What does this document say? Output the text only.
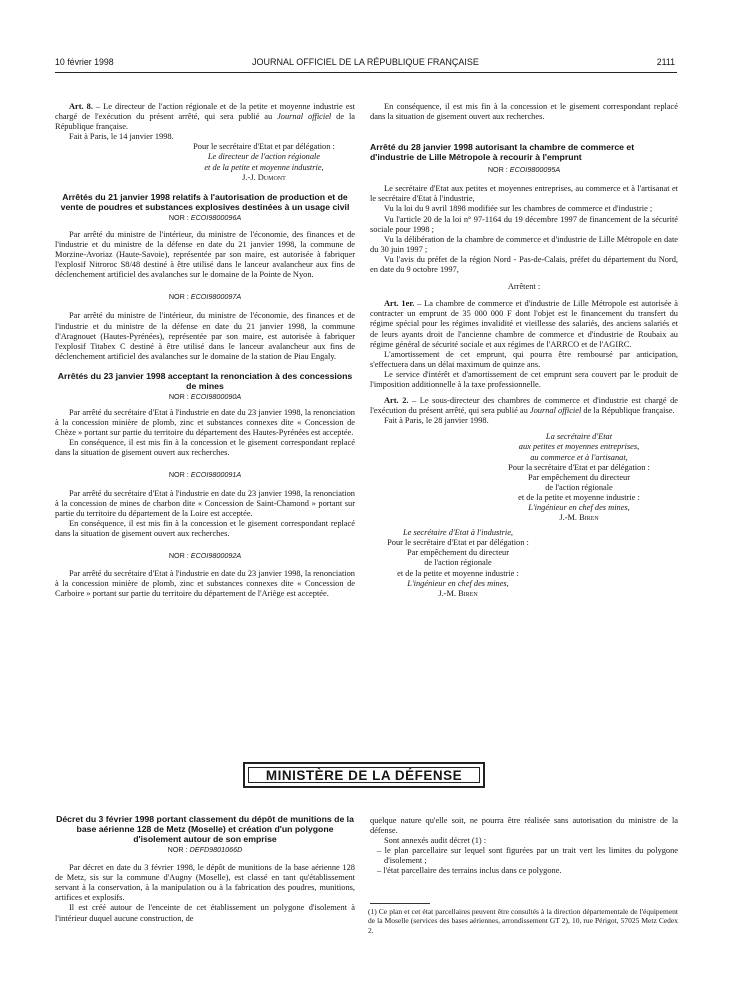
10 février 1998	JOURNAL OFFICIEL DE LA RÉPUBLIQUE FRANÇAISE	2111

Art. 8. – Le directeur de l'action régionale et de la petite et moyenne industrie est chargé de l'exécution du présent arrêté, qui sera publié au Journal officiel de la République française.

Fait à Paris, le 14 janvier 1998.

Pour le secrétaire d'Etat et par délégation :

Le directeur de l'action régionale

et de la petite et moyenne industrie,

J.-J. Dumont

Arrêtés du 21 janvier 1998 relatifs à l'autorisation de production et de vente de poudres et substances explosives destinées à un usage civil

NOR : ECOI9800096A

Par arrêté du ministre de l'intérieur, du ministre de l'économie, des finances et de l'industrie et du ministre de la défense en date du 21 janvier 1998, la commune de Morzine-Avoriaz (Haute-Savoie), représentée par son maire, est autorisée à fabriquer l'explosif Nitroroc S8/48 destiné à être utilisé dans le lanceur avalancheur aux fins de déclenchement artificiel des avalanches sur le domaine de la Pointe de Nyon.

NOR : ECOI9800097A

Par arrêté du ministre de l'intérieur, du ministre de l'économie, des finances et de l'industrie et du ministre de la défense en date du 21 janvier 1998, la commune d'Aragnouet (Hautes-Pyrénées), représentée par son maire, est autorisée à fabriquer l'explosif Titabex C destiné à être utilisé dans le lanceur avalancheur aux fins de déclenchement artificiel des avalanches sur le domaine de la station de Piau Engaly.

Arrêtés du 23 janvier 1998 acceptant la renonciation à des concessions de mines

NOR : ECOI9800090A

Par arrêté du secrétaire d'Etat à l'industrie en date du 23 janvier 1998, la renonciation à la concession minière de plomb, zinc et substances connexes dite « Concession de Chèze » portant sur partie du territoire du département des Hautes-Pyrénées est acceptée.

En conséquence, il est mis fin à la concession et le gisement correspondant replacé dans la situation de gisement ouvert aux recherches.

NOR : ECOI9800091A

Par arrêté du secrétaire d'Etat à l'industrie en date du 23 janvier 1998, la renonciation à la concession de mines de charbon dite « Concession de Saint-Chamond » portant sur partie du territoire du département de la Loire est acceptée.

En conséquence, il est mis fin à la concession et le gisement correspondant replacé dans la situation de gisement ouvert aux recherches.

NOR : ECOI9800092A

Par arrêté du secrétaire d'Etat à l'industrie en date du 23 janvier 1998, la renonciation à la concession minière de plomb, zinc et substances connexes dite « Concession de Carboire » portant sur partie du territoire du département de l'Ariège est acceptée.

En conséquence, il est mis fin à la concession et le gisement correspondant replacé dans la situation de gisement ouvert aux recherches.

Arrêté du 28 janvier 1998 autorisant la chambre de commerce et d'industrie de Lille Métropole à recourir à l'emprunt

NOR : ECOI9800095A

Le secrétaire d'Etat aux petites et moyennes entreprises, au commerce et à l'artisanat et le secrétaire d'Etat à l'industrie,

Vu la loi du 9 avril 1898 modifiée sur les chambres de commerce et d'industrie ;

Vu l'article 20 de la loi n° 97-1164 du 19 décembre 1997 de financement de la sécurité sociale pour 1998 ;

Vu la délibération de la chambre de commerce et d'industrie de Lille Métropole en date du 30 juin 1997 ;

Vu l'avis du préfet de la région Nord - Pas-de-Calais, préfet du département du Nord, en date du 9 octobre 1997,

Arrêtent :

Art. 1er. – La chambre de commerce et d'industrie de Lille Métropole est autorisée à contracter un emprunt de 35 000 000 F dont l'objet est le financement du transfert du régime spécial pour les régimes invalidité et vieillesse des salariés, des anciens salariés et de leurs ayants droit de l'ancienne chambre de commerce et d'industrie de Roubaix au régime général de sécurité sociale et aux régimes de l'ARRCO et de l'AGIRC.

L'amortissement de cet emprunt, qui pourra être remboursé par anticipation, s'effectuera dans un délai maximum de quinze ans.

Le service d'intérêt et d'amortissement de cet emprunt sera couvert par le produit de l'imposition additionnelle à la taxe professionnelle.

Art. 2. – Le sous-directeur des chambres de commerce et d'industrie est chargé de l'exécution du présent arrêté, qui sera publié au Journal officiel de la République française.

Fait à Paris, le 28 janvier 1998.

La secrétaire d'Etat

aux petites et moyennes entreprises,

au commerce et à l'artisanat,

Pour la secrétaire d'Etat et par délégation :

Par empêchement du directeur

de l'action régionale

et de la petite et moyenne industrie :

L'ingénieur en chef des mines,

J.-M. Biren

Le secrétaire d'Etat à l'industrie,

Pour le secrétaire d'Etat et par délégation :

Par empêchement du directeur

de l'action régionale

et de la petite et moyenne industrie :

L'ingénieur en chef des mines,

J.-M. Biren

MINISTÈRE DE LA DÉFENSE

Décret du 3 février 1998 portant classement du dépôt de munitions de la base aérienne 128 de Metz (Moselle) et création d'un polygone d'isolement autour de son emprise

NOR : DEFD9801066D

Par décret en date du 3 février 1998, le dépôt de munitions de la base aérienne 128 de Metz, sis sur la commune d'Augny (Moselle), est classé en tant qu'établissement servant à la conservation, à la manipulation ou à la fabrication des poudres, munitions, artifices et explosifs.

Il est créé autour de l'enceinte de cet établissement un polygone d'isolement à l'intérieur duquel aucune construction, de

quelque nature qu'elle soit, ne pourra être réalisée sans autorisation du ministre de la défense.

Sont annexés audit décret (1) :

– le plan parcellaire sur lequel sont figurées par un trait vert les limites du polygone d'isolement ;
– l'état parcellaire des terrains inclus dans ce polygone.
(1) Ce plan et cet état parcellaires peuvent être consultés à la direction départementale de l'équipement de la Moselle (services des bases aériennes, arrondissement GT 2), 10, rue Périgot, 57025 Metz Cedex 2.
